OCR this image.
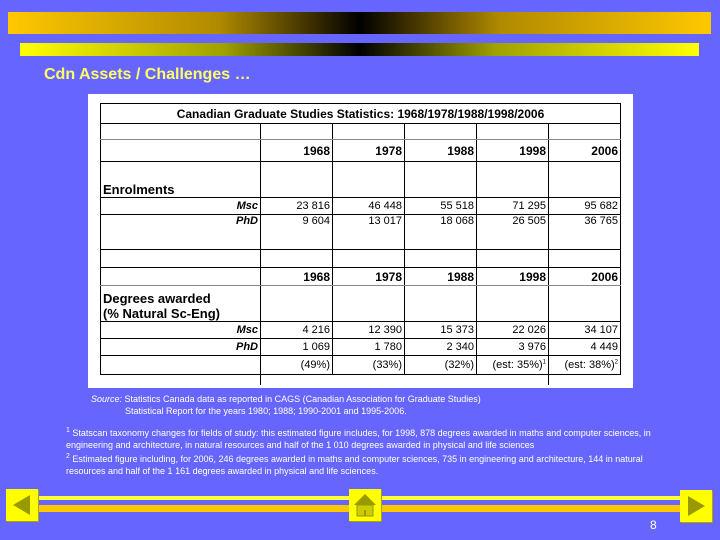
Cdn Assets / Challenges …
Canadian Graduate Studies Statistics: 1968/1978/1988/1998/2006					

	1968	1978	1988	1998	2006
Enrolments					
Msc	23 816	46 448	55 518	71 295	95 682
PhD	9 604	13 017	18 068	26 505	36 765

	1968	1978	1988	1998	2006
Degrees awarded
(% Natural Sc-Eng)					
Msc	4 216	12 390	15 373	22 026	34 107
PhD	1 069	1 780	2 340	3 976	4 449
	(49%)	(33%)	(32%)	(est: 35%)$^1$	(est: 38%)$^2$

Source: Statistics Canada data as reported in CAGS (Canadian Association for Graduate Studies)
Statistical Report for the years 1980; 1988; 1990-2001 and 1995-2006.
$^1$ Statscan taxonomy changes for fields of study: this estimated figure includes, for 1998, 878 degrees awarded in maths and computer sciences, in engineering and architecture, in natural resources and half of the 1 010 degrees awarded in physical and life sciences
$^2$ Estimated figure including, for 2006, 246 degrees awarded in maths and computer sciences, 735 in engineering and architecture, 144 in natural resources and half of the 1 161 degrees awarded in physical and life sciences.
8
